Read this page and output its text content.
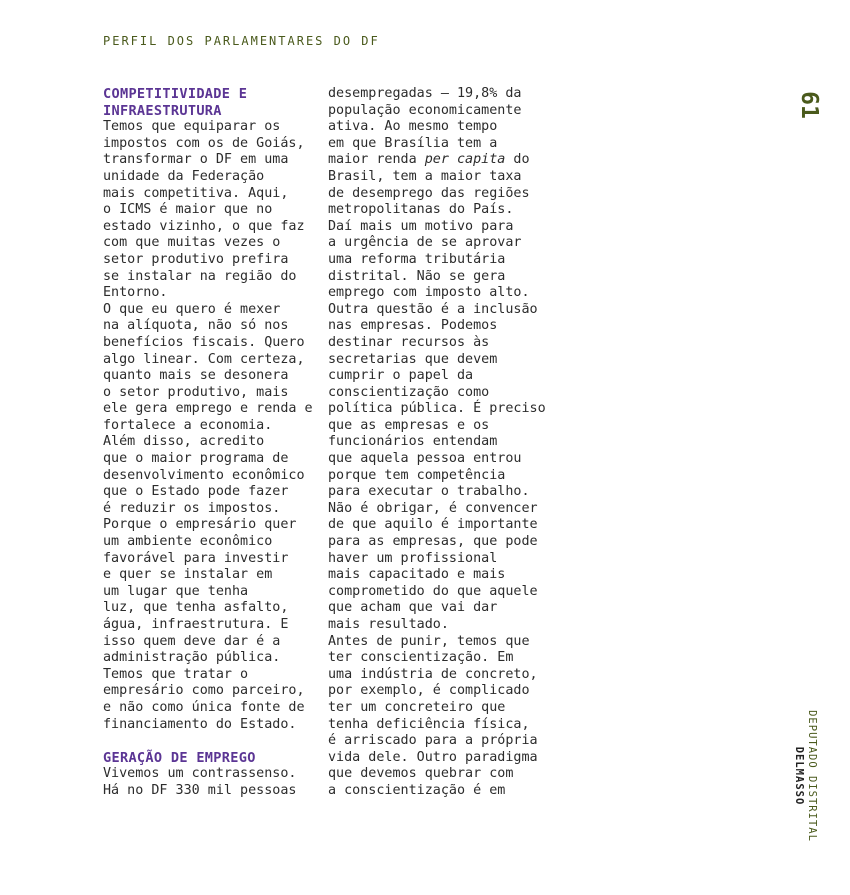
PERFIL DOS PARLAMENTARES DO DF
61
DEPUTADO DISTRITAL
DELMASSO
COMPETITIVIDADE E
INFRAESTRUTURA
Temos que equiparar os
impostos com os de Goiás,
transformar o DF em uma
unidade da Federação
mais competitiva. Aqui,
o ICMS é maior que no
estado vizinho, o que faz
com que muitas vezes o
setor produtivo prefira
se instalar na região do
Entorno.
O que eu quero é mexer
na alíquota, não só nos
benefícios fiscais. Quero
algo linear. Com certeza,
quanto mais se desonera
o setor produtivo, mais
ele gera emprego e renda e
fortalece a economia.
Além disso, acredito
que o maior programa de
desenvolvimento econômico
que o Estado pode fazer
é reduzir os impostos.
Porque o empresário quer
um ambiente econômico
favorável para investir
e quer se instalar em
um lugar que tenha
luz, que tenha asfalto,
água, infraestrutura. E
isso quem deve dar é a
administração pública.
Temos que tratar o
empresário como parceiro,
e não como única fonte de
financiamento do Estado.
GERAÇÃO DE EMPREGO
Vivemos um contrassenso.
Há no DF 330 mil pessoas
desempregadas — 19,8% da
população economicamente
ativa. Ao mesmo tempo
em que Brasília tem a
maior renda per capita do
Brasil, tem a maior taxa
de desemprego das regiões
metropolitanas do País.
Daí mais um motivo para
a urgência de se aprovar
uma reforma tributária
distrital. Não se gera
emprego com imposto alto.
Outra questão é a inclusão
nas empresas. Podemos
destinar recursos às
secretarias que devem
cumprir o papel da
conscientização como
política pública. É preciso
que as empresas e os
funcionários entendam
que aquela pessoa entrou
porque tem competência
para executar o trabalho.
Não é obrigar, é convencer
de que aquilo é importante
para as empresas, que pode
haver um profissional
mais capacitado e mais
comprometido do que aquele
que acham que vai dar
mais resultado.
Antes de punir, temos que
ter conscientização. Em
uma indústria de concreto,
por exemplo, é complicado
ter um concreteiro que
tenha deficiência física,
é arriscado para a própria
vida dele. Outro paradigma
que devemos quebrar com
a conscientização é em
